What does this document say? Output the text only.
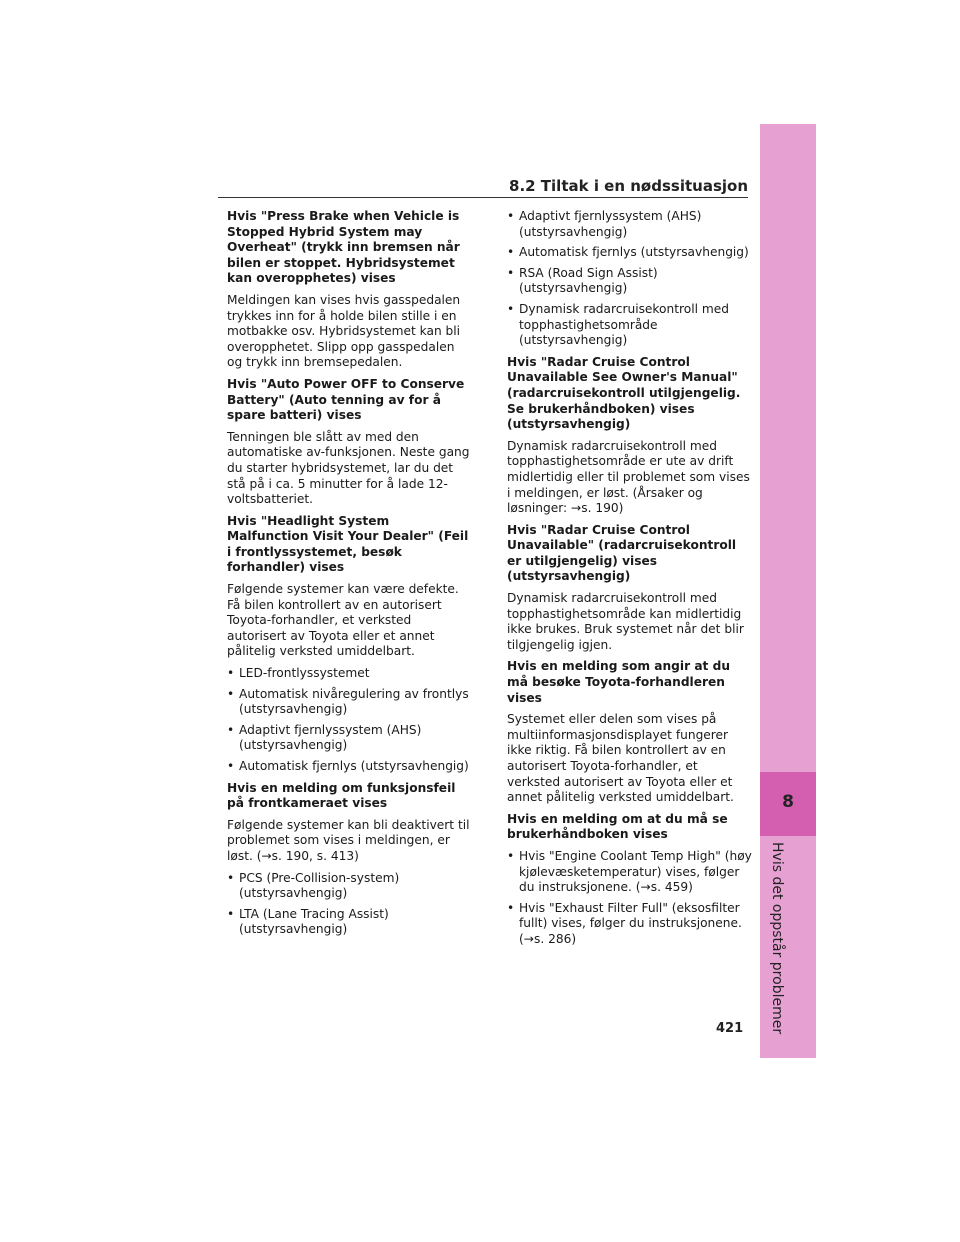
8
Hvis det oppstår problemer
8.2 Tiltak i en nødssituasjon
Hvis "Press Brake when Vehicle is Stopped Hybrid System may Overheat" (trykk inn bremsen når bilen er stoppet. Hybridsystemet kan overopphetes) vises
Meldingen kan vises hvis gasspedalen trykkes inn for å holde bilen stille i en motbakke osv. Hybridsystemet kan bli overopphetet. Slipp opp gasspedalen og trykk inn bremsepedalen.
Hvis "Auto Power OFF to Conserve Battery" (Auto tenning av for å spare batteri) vises
Tenningen ble slått av med den automatiske av-funksjonen. Neste gang du starter hybridsystemet, lar du det stå på i ca. 5 minutter for å lade 12-voltsbatteriet.
Hvis "Headlight System Malfunction Visit Your Dealer" (Feil i frontlyssystemet, besøk forhandler) vises
Følgende systemer kan være defekte. Få bilen kontrollert av en autorisert Toyota-forhandler, et verksted autorisert av Toyota eller et annet pålitelig verksted umiddelbart.
• LED-frontlyssystemet
• Automatisk nivåregulering av frontlys (utstyrsavhengig)
• Adaptivt fjernlyssystem (AHS) (utstyrsavhengig)
• Automatisk fjernlys (utstyrsavhengig)
Hvis en melding om funksjonsfeil på frontkameraet vises
Følgende systemer kan bli deaktivert til problemet som vises i meldingen, er løst. (→s. 190, s. 413)
• PCS (Pre-Collision-system) (utstyrsavhengig)
• LTA (Lane Tracing Assist) (utstyrsavhengig)
• Adaptivt fjernlyssystem (AHS) (utstyrsavhengig)
• Automatisk fjernlys (utstyrsavhengig)
• RSA (Road Sign Assist) (utstyrsavhengig)
• Dynamisk radarcruisekontroll med topphastighetsområde (utstyrsavhengig)
Hvis "Radar Cruise Control Unavailable See Owner's Manual" (radarcruisekontroll utilgjengelig. Se brukerhåndboken) vises (utstyrsavhengig)
Dynamisk radarcruisekontroll med topphastighetsområde er ute av drift midlertidig eller til problemet som vises i meldingen, er løst. (Årsaker og løsninger: →s. 190)
Hvis "Radar Cruise Control Unavailable" (radarcruisekontroll er utilgjengelig) vises (utstyrsavhengig)
Dynamisk radarcruisekontroll med topphastighetsområde kan midlertidig ikke brukes. Bruk systemet når det blir tilgjengelig igjen.
Hvis en melding som angir at du må besøke Toyota-forhandleren vises
Systemet eller delen som vises på multiinformasjonsdisplayet fungerer ikke riktig. Få bilen kontrollert av en autorisert Toyota-forhandler, et verksted autorisert av Toyota eller et annet pålitelig verksted umiddelbart.
Hvis en melding om at du må se brukerhåndboken vises
• Hvis "Engine Coolant Temp High" (høy kjølevæsketemperatur) vises, følger du instruksjonene. (→s. 459)
• Hvis "Exhaust Filter Full" (eksosfilter fullt) vises, følger du instruksjonene. (→s. 286)
421
